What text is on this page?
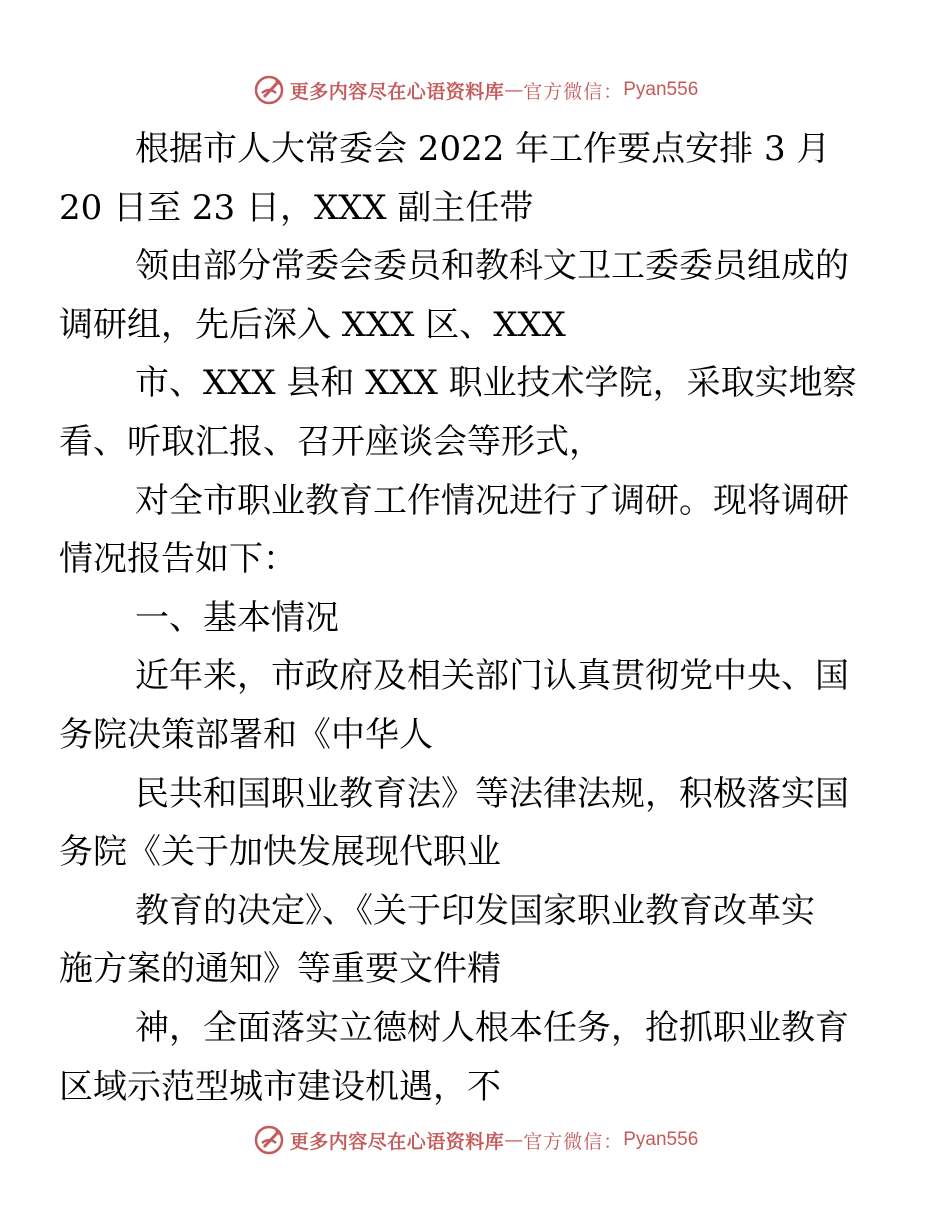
更多内容尽在心语资料库 — 官方微信： Pyan556

根据市人大常委会 2022 年工作要点安排 3 月
20 日至 23 日，XXX 副主任带

领由部分常委会委员和教科文卫工委委员组成的
调研组，先后深入 XXX 区、XXX

市、XXX 县和 XXX 职业技术学院，采取实地察
看、听取汇报、召开座谈会等形式，

对全市职业教育工作情况进行了调研。现将调研
情况报告如下：

一、基本情况

近年来，市政府及相关部门认真贯彻党中央、国
务院决策部署和《中华人

民共和国职业教育法》等法律法规，积极落实国
务院《关于加快发展现代职业

教育的决定》、《关于印发国家职业教育改革实
施方案的通知》等重要文件精

神，全面落实立德树人根本任务，抢抓职业教育
区域示范型城市建设机遇，不

更多内容尽在心语资料库 — 官方微信： Pyan556
